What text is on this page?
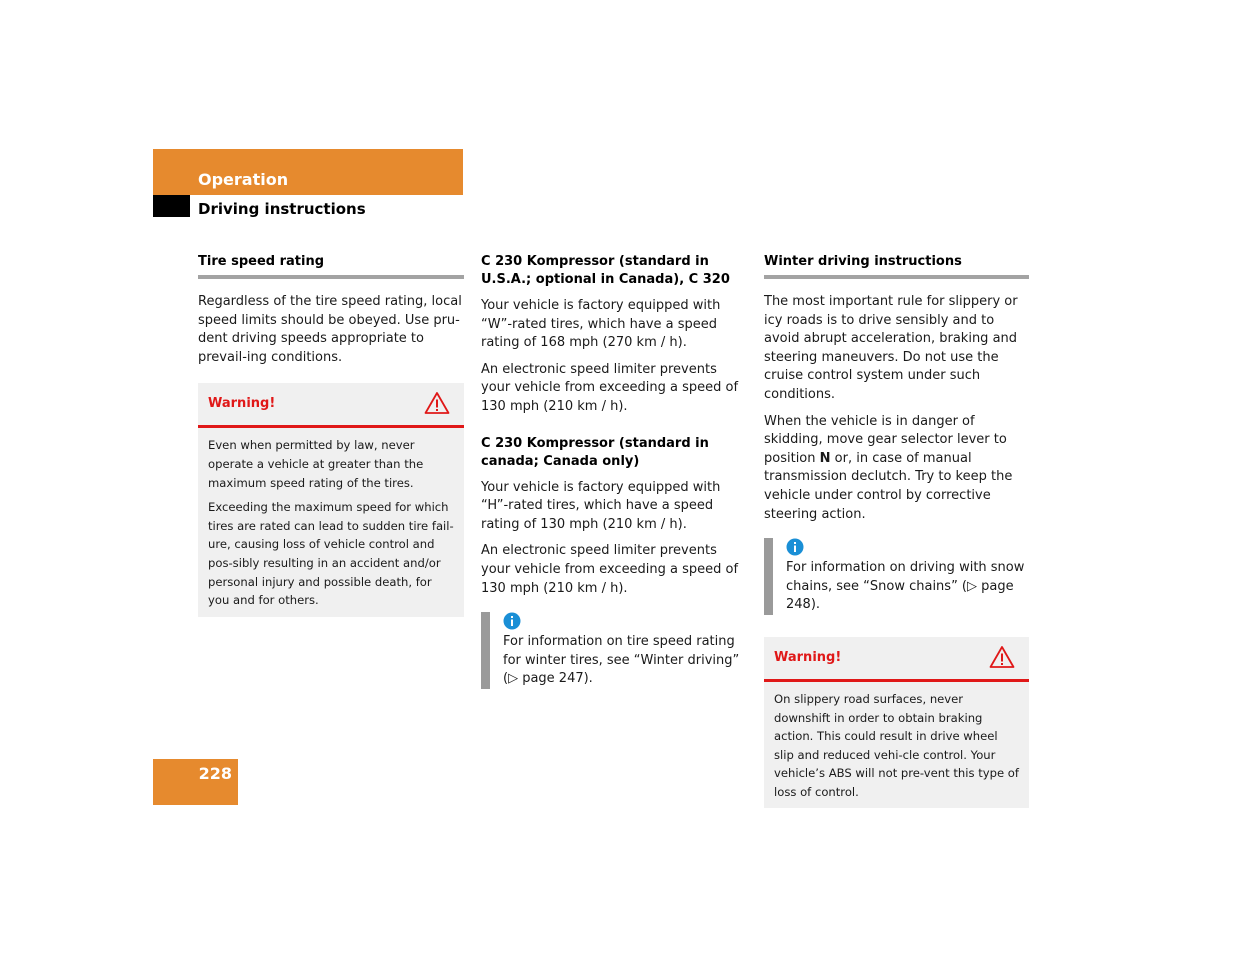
Operation
Driving instructions
Tire speed rating

Regardless of the tire speed rating, local speed limits should be obeyed. Use pru-dent driving speeds appropriate to prevail-ing conditions.

Warning!

Even when permitted by law, never operate a vehicle at greater than the maximum speed rating of the tires.

Exceeding the maximum speed for which tires are rated can lead to sudden tire fail-ure, causing loss of vehicle control and pos-sibly resulting in an accident and/or personal injury and possible death, for you and for others.

C 230 Kompressor (standard in U.S.A.; optional in Canada), C 320

Your vehicle is factory equipped with “W”-rated tires, which have a speed rating of 168 mph (270 km / h).

An electronic speed limiter prevents your vehicle from exceeding a speed of 130 mph (210 km / h).

C 230 Kompressor (standard in canada; Canada only)

Your vehicle is factory equipped with “H”-rated tires, which have a speed rating of 130 mph (210 km / h).

An electronic speed limiter prevents your vehicle from exceeding a speed of 130 mph (210 km / h).

For information on tire speed rating for winter tires, see “Winter driving” (▷ page 247).

Winter driving instructions

The most important rule for slippery or icy roads is to drive sensibly and to avoid abrupt acceleration, braking and steering maneuvers. Do not use the cruise control system under such conditions.

When the vehicle is in danger of skidding, move gear selector lever to position N or, in case of manual transmission declutch. Try to keep the vehicle under control by corrective steering action.

For information on driving with snow chains, see “Snow chains” (▷ page 248).

Warning!

On slippery road surfaces, never downshift in order to obtain braking action. This could result in drive wheel slip and reduced vehi-cle control. Your vehicle’s ABS will not pre-vent this type of loss of control.

228
